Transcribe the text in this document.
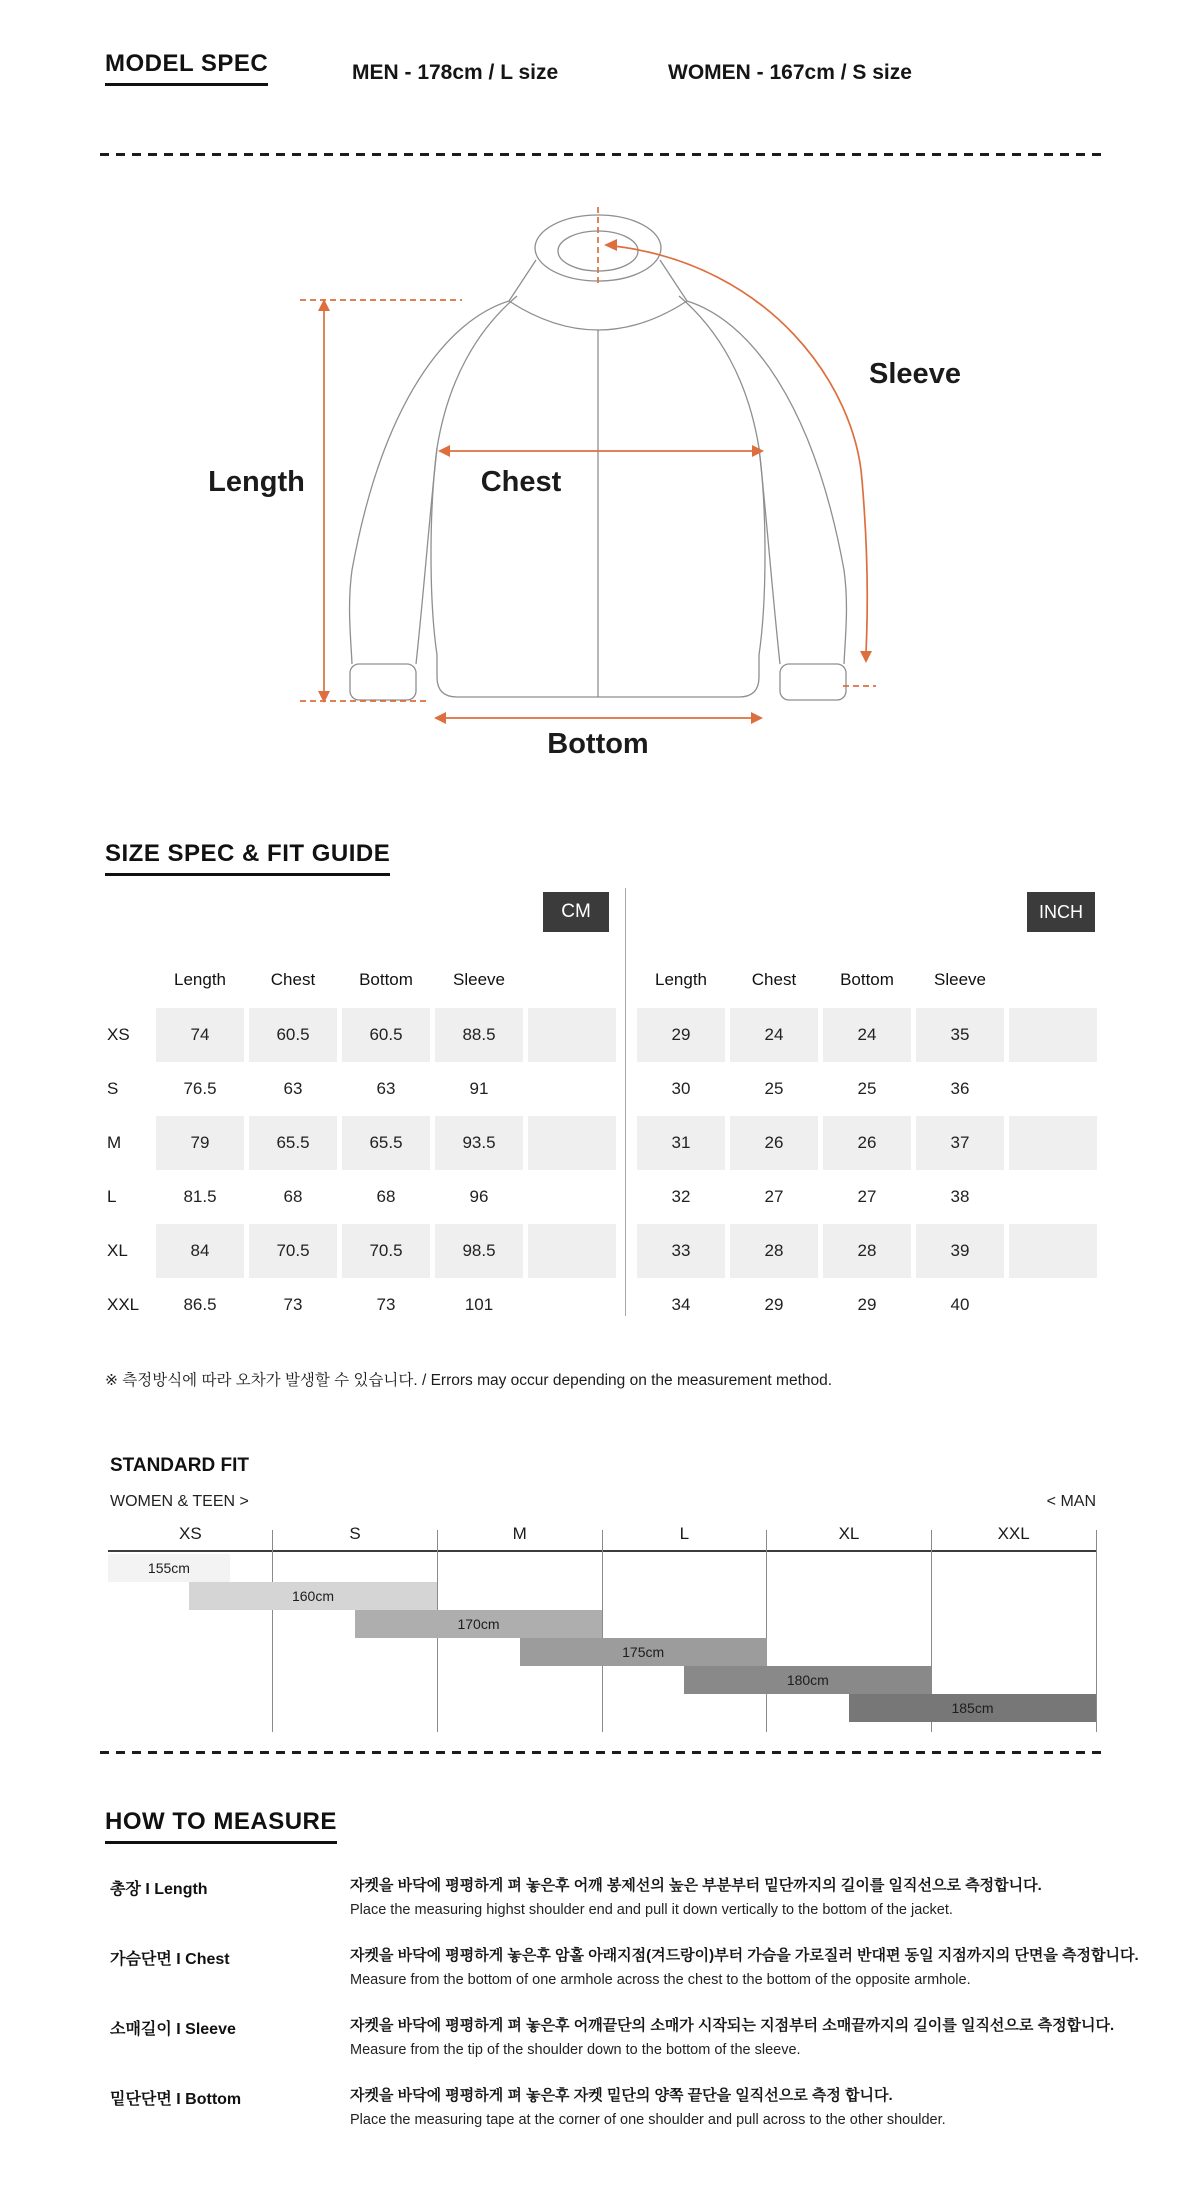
MODEL SPEC	MEN - 178cm / L size	WOMEN - 167cm / S size
Length	Chest
Sleeve
Bottom
SIZE SPEC & FIT GUIDE
CM	INCH
Length	Chest	Bottom	Sleeve
XS	74	60.5	60.5	88.5
S	76.5	63	63	91
M	79	65.5	65.5	93.5
L	81.5	68	68	96
XL	84	70.5	70.5	98.5
XXL	86.5	73	73	101
Length	Chest	Bottom	Sleeve
29	24	24	35
30	25	25	36
31	26	26	37
32	27	27	38
33	28	28	39
34	29	29	40
※ 측정방식에 따라 오차가 발생할 수 있습니다. / Errors may occur depending on the measurement method.
STANDARD FIT
WOMEN & TEEN >	< MAN
XS	S	M	L	XL	XXL
155cm
160cm
170cm
175cm
180cm
185cm
HOW TO MEASURE
총장 I Length	자켓을 바닥에 평평하게 펴 놓은후 어깨 봉제선의 높은 부분부터 밑단까지의 길이를 일직선으로 측정합니다.
Place the measuring highst shoulder end and pull it down vertically to the bottom of the jacket.
가슴단면 I Chest	자켓을 바닥에 평평하게 놓은후 암홀 아래지점(겨드랑이)부터 가슴을 가로질러 반대편 동일 지점까지의 단면을 측정합니다.
Measure from the bottom of one armhole across the chest to the bottom of the opposite armhole.
소매길이 I Sleeve	자켓을 바닥에 평평하게 펴 놓은후 어깨끝단의 소매가 시작되는 지점부터 소매끝까지의 길이를 일직선으로 측정합니다.
Measure from the tip of the shoulder down to the bottom of the sleeve.
밑단단면 I Bottom	자켓을 바닥에 평평하게 펴 놓은후 자켓 밑단의 양쪽 끝단을 일직선으로 측정 합니다.
Place the measuring tape at the corner of one shoulder and pull across to the other shoulder.
